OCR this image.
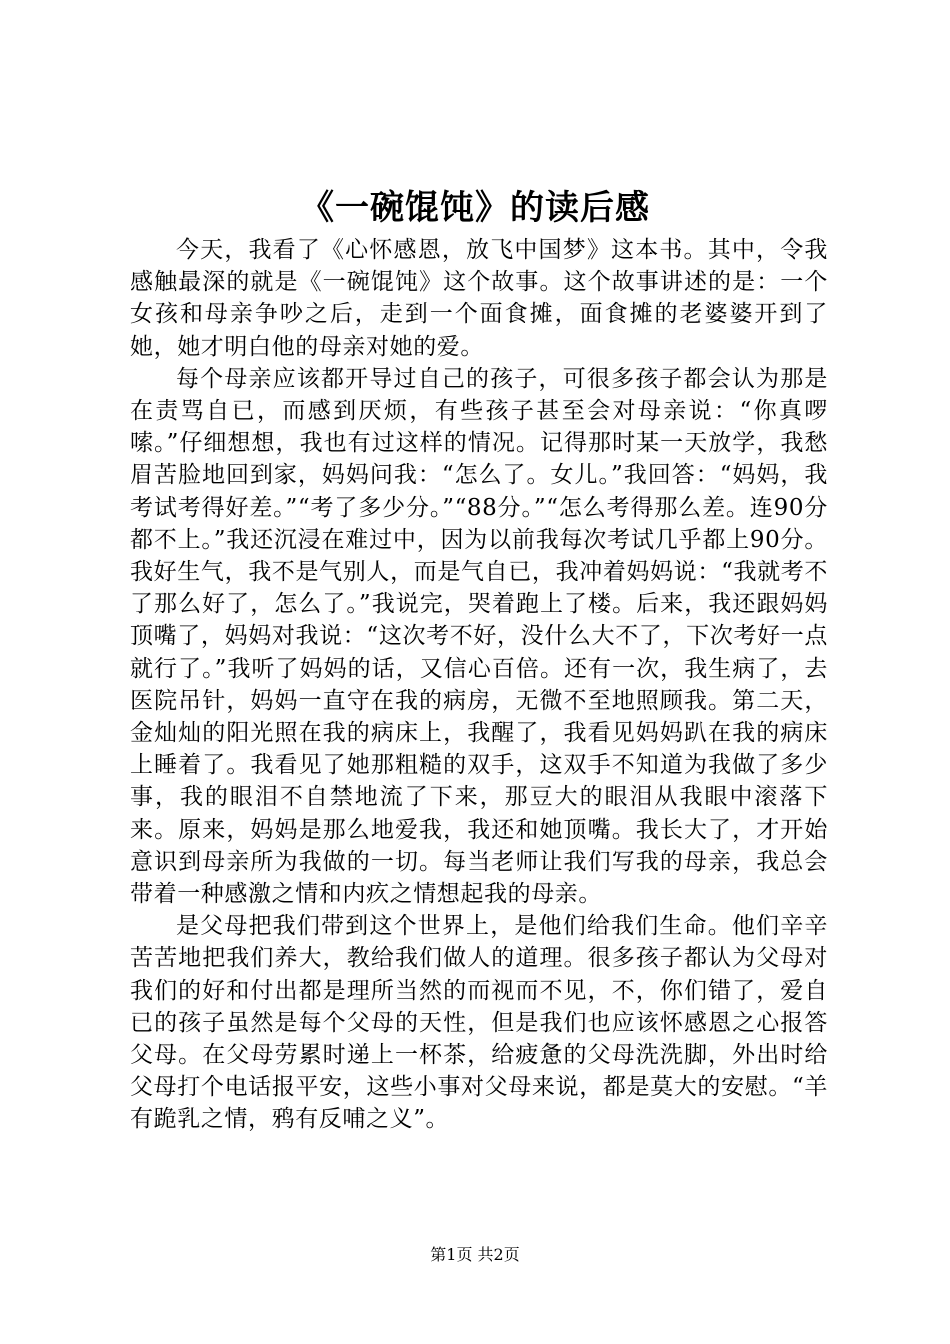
《一碗馄饨》的读后感

今天，我看了《心怀感恩，放飞中国梦》这本书。其中，令我感触最深的就是《一碗馄饨》这个故事。这个故事讲述的是：一个女孩和母亲争吵之后，走到一个面食摊，面食摊的老婆婆开到了她，她才明白他的母亲对她的爱。

每个母亲应该都开导过自己的孩子，可很多孩子都会认为那是在责骂自已，而感到厌烦，有些孩子甚至会对母亲说：“你真啰嗦。”仔细想想，我也有过这样的情况。记得那时某一天放学，我愁眉苦脸地回到家，妈妈问我：“怎么了。女儿。”我回答：“妈妈，我考试考得好差。”“考了多少分。”“88分。”“怎么考得那么差。连90分都不上。”我还沉浸在难过中，因为以前我每次考试几乎都上90分。我好生气，我不是气别人，而是气自已，我冲着妈妈说：“我就考不了那么好了，怎么了。”我说完，哭着跑上了楼。后来，我还跟妈妈顶嘴了，妈妈对我说：“这次考不好，没什么大不了，下次考好一点就行了。”我听了妈妈的话，又信心百倍。还有一次，我生病了，去医院吊针，妈妈一直守在我的病房，无微不至地照顾我。第二天，金灿灿的阳光照在我的病床上，我醒了，我看见妈妈趴在我的病床上睡着了。我看见了她那粗糙的双手，这双手不知道为我做了多少事，我的眼泪不自禁地流了下来，那豆大的眼泪从我眼中滚落下来。原来，妈妈是那么地爱我，我还和她顶嘴。我长大了，才开始意识到母亲所为我做的一切。每当老师让我们写我的母亲，我总会带着一种感激之情和内疚之情想起我的母亲。

是父母把我们带到这个世界上，是他们给我们生命。他们辛辛苦苦地把我们养大，教给我们做人的道理。很多孩子都认为父母对我们的好和付出都是理所当然的而视而不见，不，你们错了，爱自已的孩子虽然是每个父母的天性，但是我们也应该怀感恩之心报答父母。在父母劳累时递上一杯茶，给疲惫的父母洗洗脚，外出时给父母打个电话报平安，这些小事对父母来说，都是莫大的安慰。“羊有跪乳之情，鸦有反哺之义”。

第1页 共2页
